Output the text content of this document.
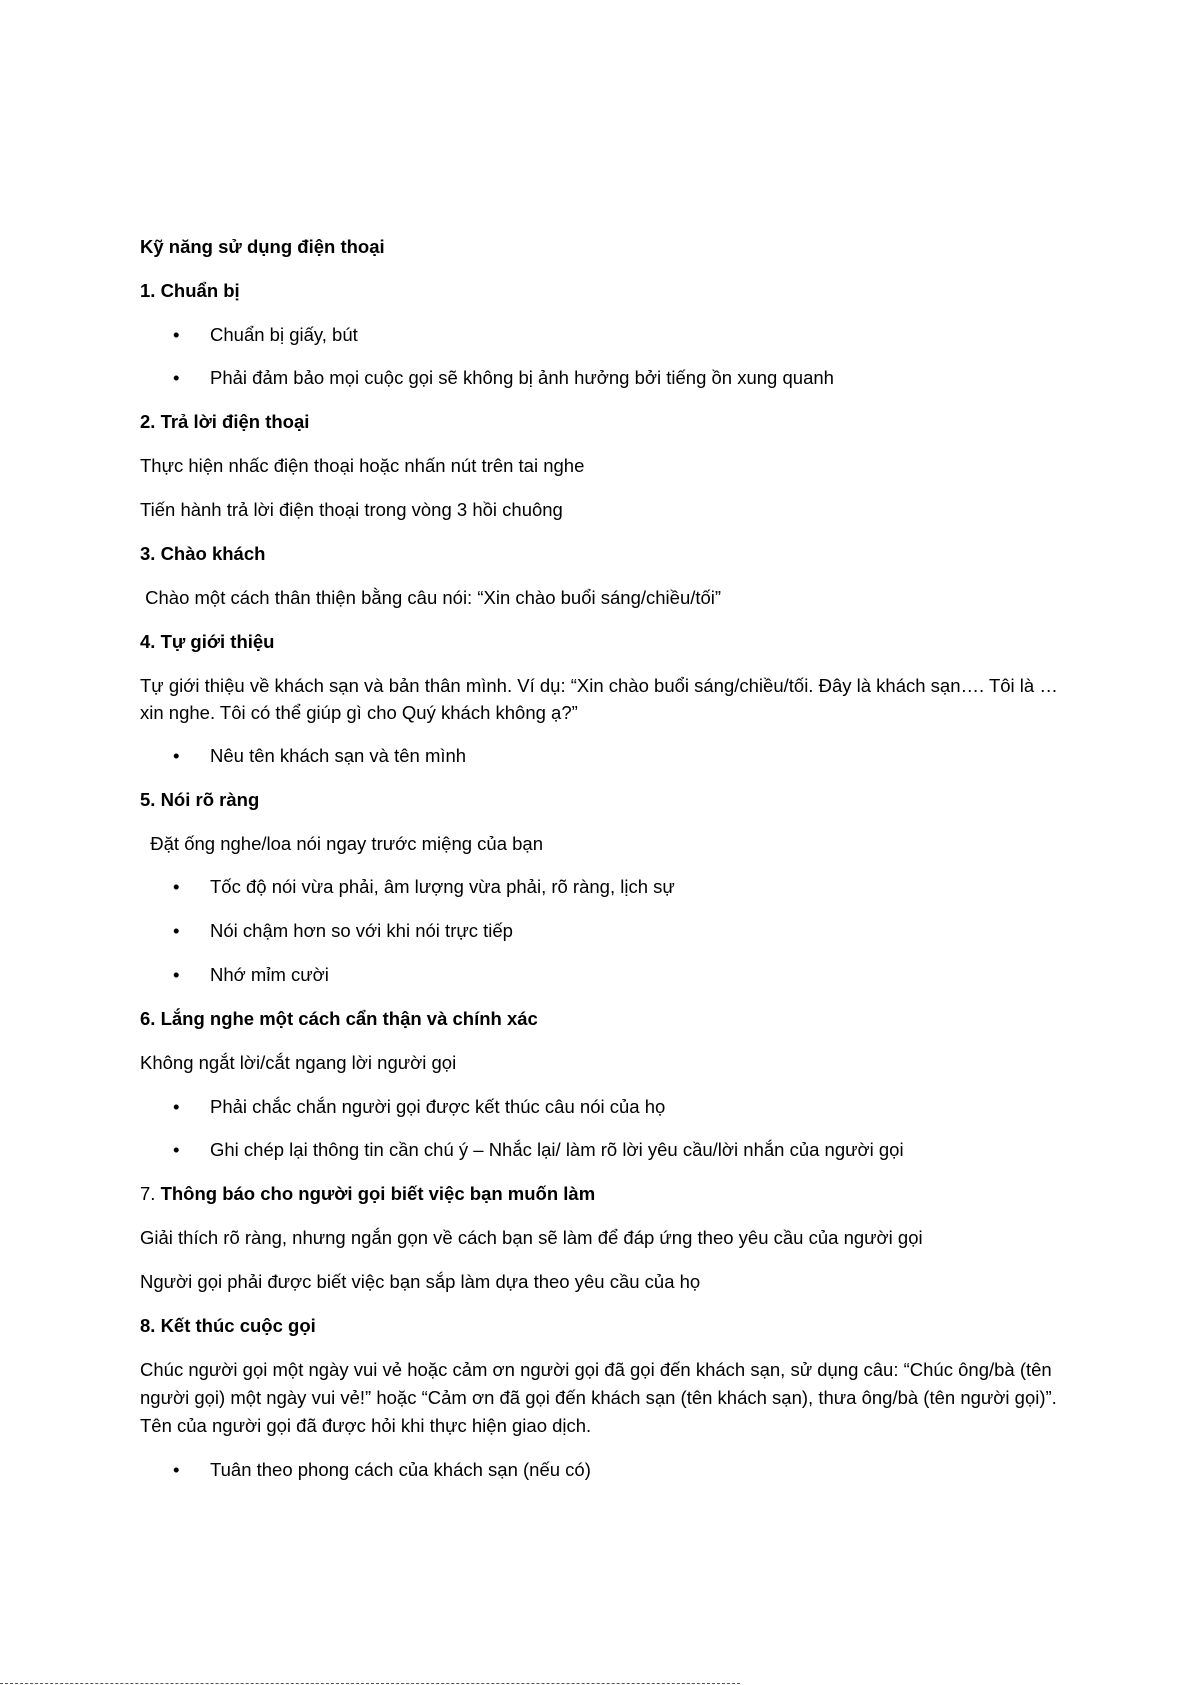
Kỹ năng sử dụng điện thoại

1. Chuẩn bị

• Chuẩn bị giấy, bút

• Phải đảm bảo mọi cuộc gọi sẽ không bị ảnh hưởng bởi tiếng ồn xung quanh

2. Trả lời điện thoại

Thực hiện nhấc điện thoại hoặc nhấn nút trên tai nghe

Tiến hành trả lời điện thoại trong vòng 3 hồi chuông

3. Chào khách

Chào một cách thân thiện bằng câu nói: “Xin chào buổi sáng/chiều/tối”

4. Tự giới thiệu

Tự giới thiệu về khách sạn và bản thân mình. Ví dụ: “Xin chào buổi sáng/chiều/tối. Đây là khách sạn…. Tôi là … xin nghe. Tôi có thể giúp gì cho Quý khách không ạ?”

• Nêu tên khách sạn và tên mình

5. Nói rõ ràng

Đặt ống nghe/loa nói ngay trước miệng của bạn

• Tốc độ nói vừa phải, âm lượng vừa phải, rõ ràng, lịch sự

• Nói chậm hơn so với khi nói trực tiếp

• Nhớ mỉm cười

6. Lắng nghe một cách cẩn thận và chính xác

Không ngắt lời/cắt ngang lời người gọi

• Phải chắc chắn người gọi được kết thúc câu nói của họ

• Ghi chép lại thông tin cần chú ý – Nhắc lại/ làm rõ lời yêu cầu/lời nhắn của người gọi

7. Thông báo cho người gọi biết việc bạn muốn làm

Giải thích rõ ràng, nhưng ngắn gọn về cách bạn sẽ làm để đáp ứng theo yêu cầu của người gọi

Người gọi phải được biết việc bạn sắp làm dựa theo yêu cầu của họ

8. Kết thúc cuộc gọi

Chúc người gọi một ngày vui vẻ hoặc cảm ơn người gọi đã gọi đến khách sạn, sử dụng câu: “Chúc ông/bà (tên người gọi) một ngày vui vẻ!” hoặc “Cảm ơn đã gọi đến khách sạn (tên khách sạn), thưa ông/bà (tên người gọi)”. Tên của người gọi đã được hỏi khi thực hiện giao dịch.

• Tuân theo phong cách của khách sạn (nếu có)
